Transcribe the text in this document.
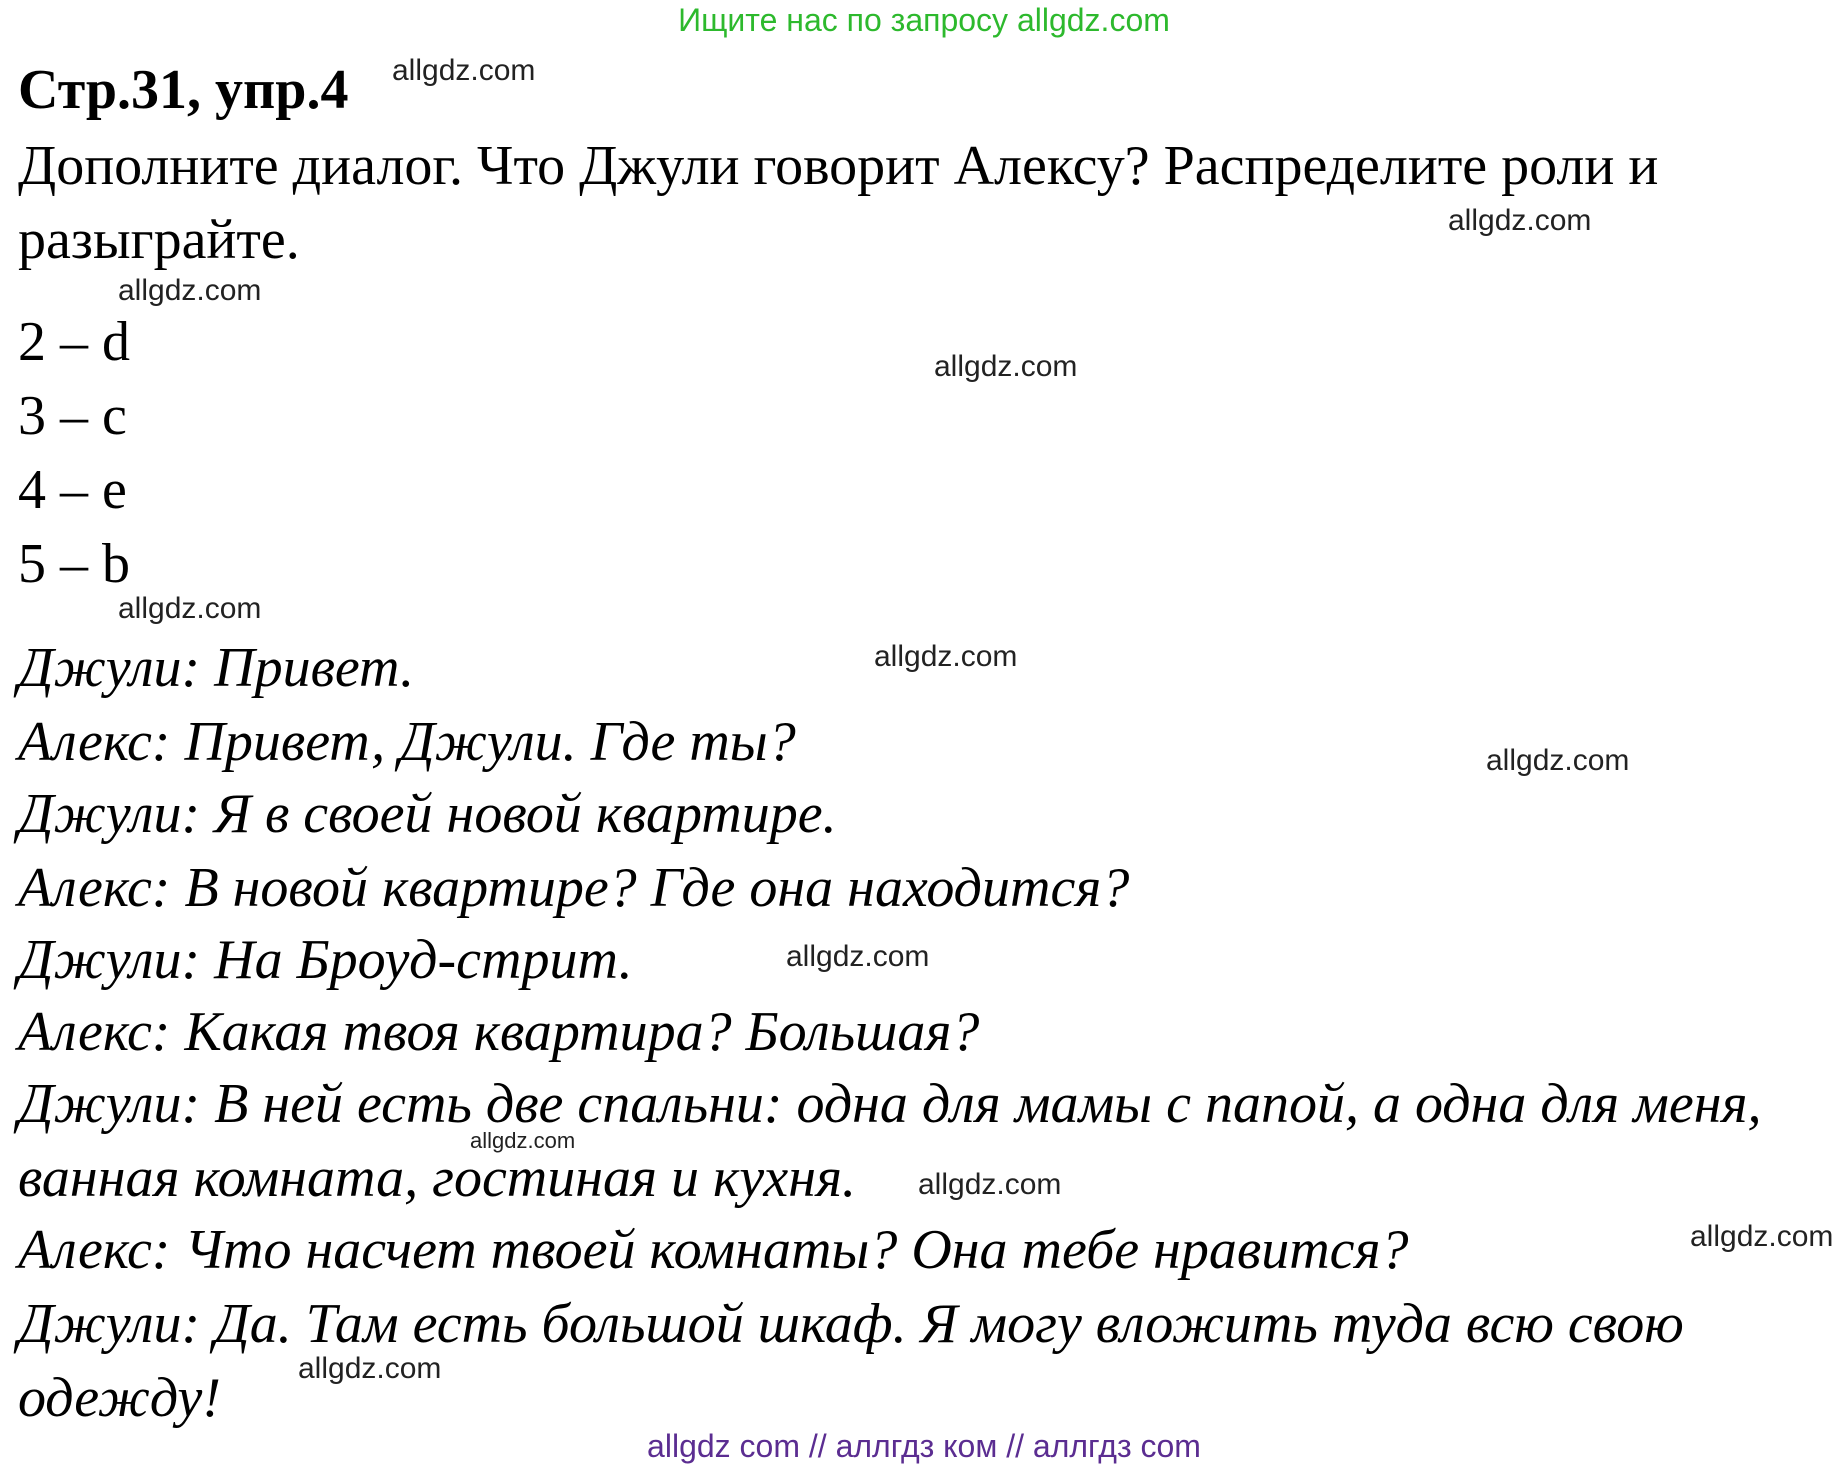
Ищите нас по запросу allgdz.com
Стр.31, упр.4 allgdz.com
Дополните диалог. Что Джули говорит Алексу? Распределите роли и
разыграйте.	allgdz.com
allgdz.com
2 – d	allgdz.com
3 – c
4 – e
5 – b
allgdz.com
Джули: Привет.	allgdz.com
Алекс: Привет, Джули. Где ты?	allgdz.com
Джули: Я в своей новой квартире.
Алекс: В новой квартире? Где она находится?
Джули: На Броуд-стрит.	allgdz.com
Алекс: Какая твоя квартира? Большая?
Джули: В ней есть две спальни: одна для мамы с папой, а одна для меня,
allgdz.com
ванная комната, гостиная и кухня. allgdz.com
Алекс: Что насчет твоей комнаты? Она тебе нравится?	allgdz.com
Джули: Да. Там есть большой шкаф. Я могу вложить туда всю свою
одежду!	allgdz.com
allgdz com // аллгдз ком // аллгдз com
